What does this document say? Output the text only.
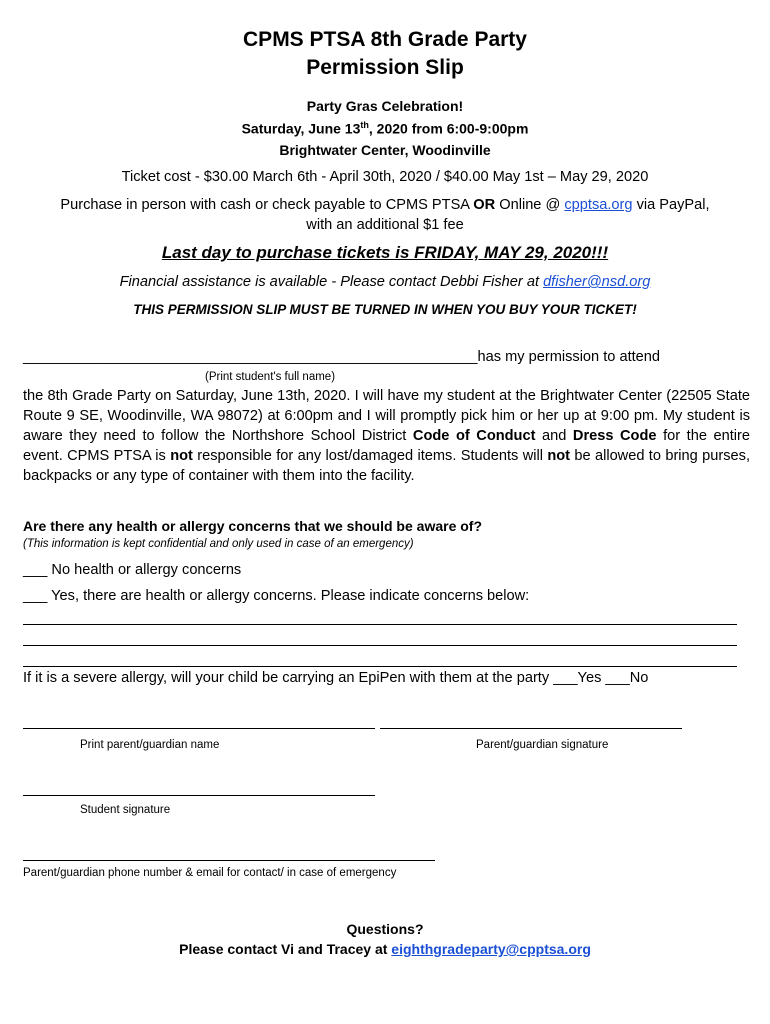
CPMS PTSA 8th Grade Party
Permission Slip
Party Gras Celebration!
Saturday, June 13th, 2020 from 6:00-9:00pm
Brightwater Center, Woodinville
Ticket cost - $30.00 March 6th - April 30th, 2020 / $40.00 May 1st – May 29, 2020
Purchase in person with cash or check payable to CPMS PTSA OR Online @ cpptsa.org via PayPal,
with an additional $1 fee
Last day to purchase tickets is FRIDAY, MAY 29, 2020!!!
Financial assistance is available - Please contact Debbi Fisher at dfisher@nsd.org
THIS PERMISSION SLIP MUST BE TURNED IN WHEN YOU BUY YOUR TICKET!
________________________________________________________has my permission to attend
(Print student's full name)
the 8th Grade Party on Saturday, June 13th, 2020. I will have my student at the Brightwater Center (22505 State Route 9 SE, Woodinville, WA 98072) at 6:00pm and I will promptly pick him or her up at 9:00 pm. My student is aware they need to follow the Northshore School District Code of Conduct and Dress Code for the entire event. CPMS PTSA is not responsible for any lost/damaged items. Students will not be allowed to bring purses, backpacks or any type of container with them into the facility.
Are there any health or allergy concerns that we should be aware of?
(This information is kept confidential and only used in case of an emergency)
___ No health or allergy concerns
___ Yes, there are health or allergy concerns. Please indicate concerns below:
If it is a severe allergy, will your child be carrying an EpiPen with them at the party ___Yes ___No
Print parent/guardian name	Parent/guardian signature
Student signature
Parent/guardian phone number & email for contact/ in case of emergency
Questions?
Please contact Vi and Tracey at eighthgradeparty@cpptsa.org
